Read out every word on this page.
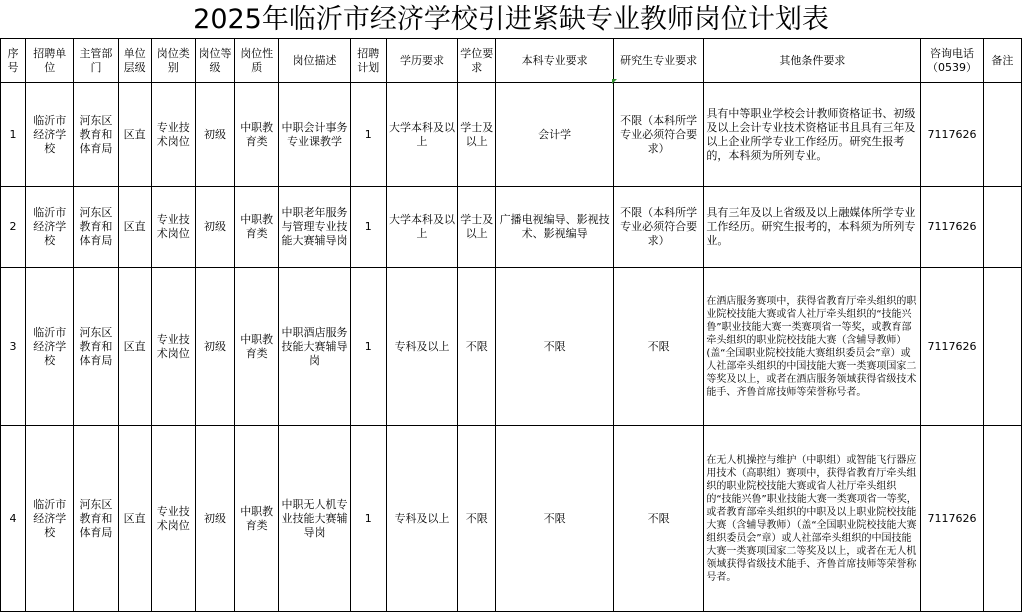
2025年临沂市经济学校引进紧缺专业教师岗位计划表
序号	招聘单位	主管部门	单位层级	岗位类别	岗位等级	岗位性质	岗位描述	招聘计划	学历要求	学位要求	本科专业要求	研究生专业要求	其他条件要求	咨询电话（0539）	备注
1	临沂市经济学校	河东区教育和体育局	区直	专业技术岗位	初级	中职教育类	中职会计事务专业课教学	1	大学本科及以上	学士及以上	会计学	不限（本科所学专业必须符合要求）	具有中等职业学校会计教师资格证书、初级及以上会计专业技术资格证书且具有三年及以上企业所学专业工作经历。研究生报考的，本科须为所列专业。	7117626	
2	临沂市经济学校	河东区教育和体育局	区直	专业技术岗位	初级	中职教育类	中职老年服务与管理专业技能大赛辅导岗	1	大学本科及以上	学士及以上	广播电视编导、影视技术、影视编导	不限（本科所学专业必须符合要求）	具有三年及以上省级及以上融媒体所学专业工作经历。研究生报考的，本科须为所列专业。	7117626	
3	临沂市经济学校	河东区教育和体育局	区直	专业技术岗位	初级	中职教育类	中职酒店服务技能大赛辅导岗	1	专科及以上	不限	不限	不限	在酒店服务赛项中，获得省教育厅牵头组织的职业院校技能大赛或省人社厅牵头组织的“技能兴鲁”职业技能大赛一类赛项省一等奖，或教育部牵头组织的职业院校技能大赛（含辅导教师）(盖“全国职业院校技能大赛组织委员会”章）或人社部牵头组织的中国技能大赛一类赛项国家二等奖及以上，或者在酒店服务领域获得省级技术能手、齐鲁首席技师等荣誉称号者。	7117626	
4	临沂市经济学校	河东区教育和体育局	区直	专业技术岗位	初级	中职教育类	中职无人机专业技能大赛辅导岗	1	专科及以上	不限	不限	不限	在无人机操控与维护（中职组）或智能飞行器应用技术（高职组）赛项中，获得省教育厅牵头组织的职业院校技能大赛或省人社厅牵头组织的“技能兴鲁”职业技能大赛一类赛项省一等奖，或者教育部牵头组织的中职及以上职业院校技能大赛（含辅导教师）（盖“全国职业院校技能大赛组织委员会”章）或人社部牵头组织的中国技能大赛一类赛项国家二等奖及以上，或者在无人机领域获得省级技术能手、齐鲁首席技师等荣誉称号者。	7117626	
